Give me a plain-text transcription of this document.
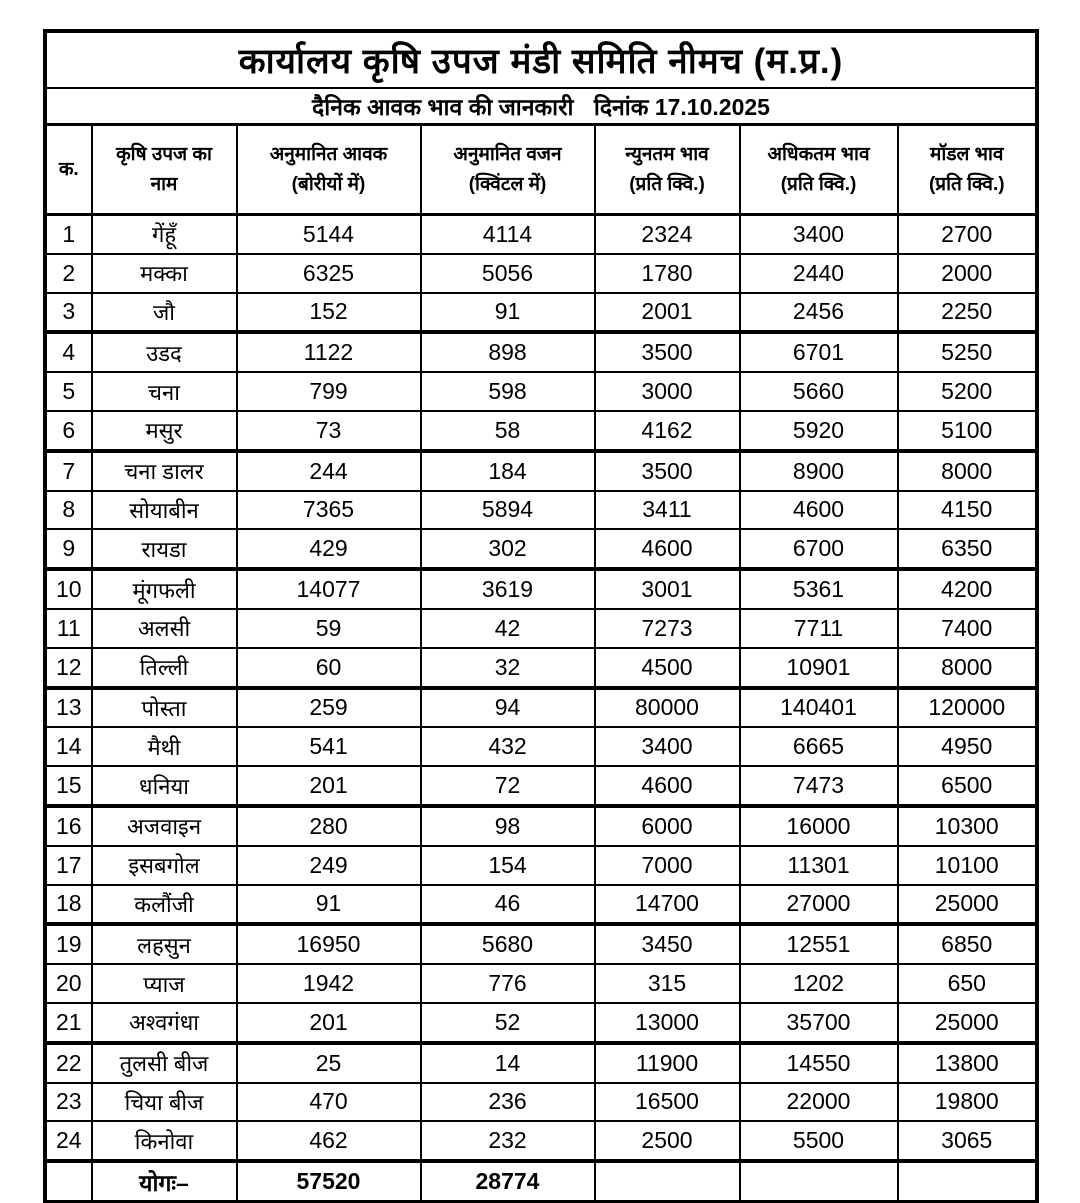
कार्यालय कृषि उपज मंडी समिति नीमच (म.प्र.)						
दैनिक आवक भाव की जानकारी दिनांक 17.10.2025						

क.

कृषि उपज का
नाम

अनुमानित आवक
(बोरीयों में)

अनुमानित वजन
(क्विंटल में)

न्युनतम भाव
(प्रति क्वि.)

अधिकतम भाव
(प्रति क्वि.)

मॉडल भाव
(प्रति क्वि.)

1	गेंहूँ	5144	4114	2324	3400	2700
2	मक्का	6325	5056	1780	2440	2000
3	जौ	152	91	2001	2456	2250
4	उडद	1122	898	3500	6701	5250
5	चना	799	598	3000	5660	5200
6	मसुर	73	58	4162	5920	5100
7	चना डालर	244	184	3500	8900	8000
8	सोयाबीन	7365	5894	3411	4600	4150
9	रायडा	429	302	4600	6700	6350
10	मूंगफली	14077	3619	3001	5361	4200
11	अलसी	59	42	7273	7711	7400
12	तिल्ली	60	32	4500	10901	8000
13	पोस्ता	259	94	80000	140401	120000
14	मैथी	541	432	3400	6665	4950
15	धनिया	201	72	4600	7473	6500
16	अजवाइन	280	98	6000	16000	10300
17	इसबगोल	249	154	7000	11301	10100
18	कलौंजी	91	46	14700	27000	25000
19	लहसुन	16950	5680	3450	12551	6850
20	प्याज	1942	776	315	1202	650
21	अश्वगंधा	201	52	13000	35700	25000
22	तुलसी बीज	25	14	11900	14550	13800
23	चिया बीज	470	236	16500	22000	19800
24	किनोवा	462	232	2500	5500	3065
	योगः–	57520	28774			
